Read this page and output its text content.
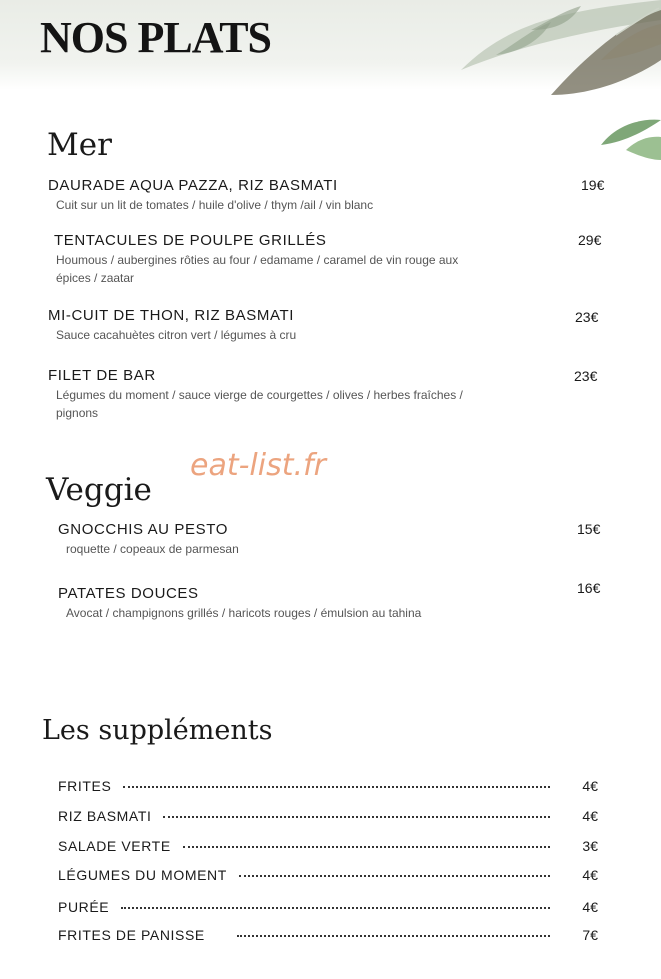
NOS PLATS
Mer
DAURADE AQUA PAZZA, RIZ BASMATI
Cuit sur un lit de tomates / huile d'olive / thym /ail / vin blanc
19€
TENTACULES DE POULPE GRILLÉS
Houmous / aubergines rôties au four / edamame / caramel de vin rouge aux épices / zaatar
29€
MI-CUIT DE THON, RIZ BASMATI
Sauce cacahuètes citron vert / légumes à cru
23€
FILET DE BAR
Légumes du moment / sauce vierge de courgettes / olives / herbes fraîches / pignons
23€
eat-list.fr
Veggie
GNOCCHIS AU PESTO
roquette / copeaux de parmesan
15€
PATATES DOUCES
Avocat / champignons grillés / haricots rouges / émulsion au tahina
16€
Les suppléments
FRITES	4€
RIZ BASMATI	4€
SALADE VERTE	3€
LÉGUMES DU MOMENT	4€
PURÉE	4€
FRITES DE PANISSE	7€
